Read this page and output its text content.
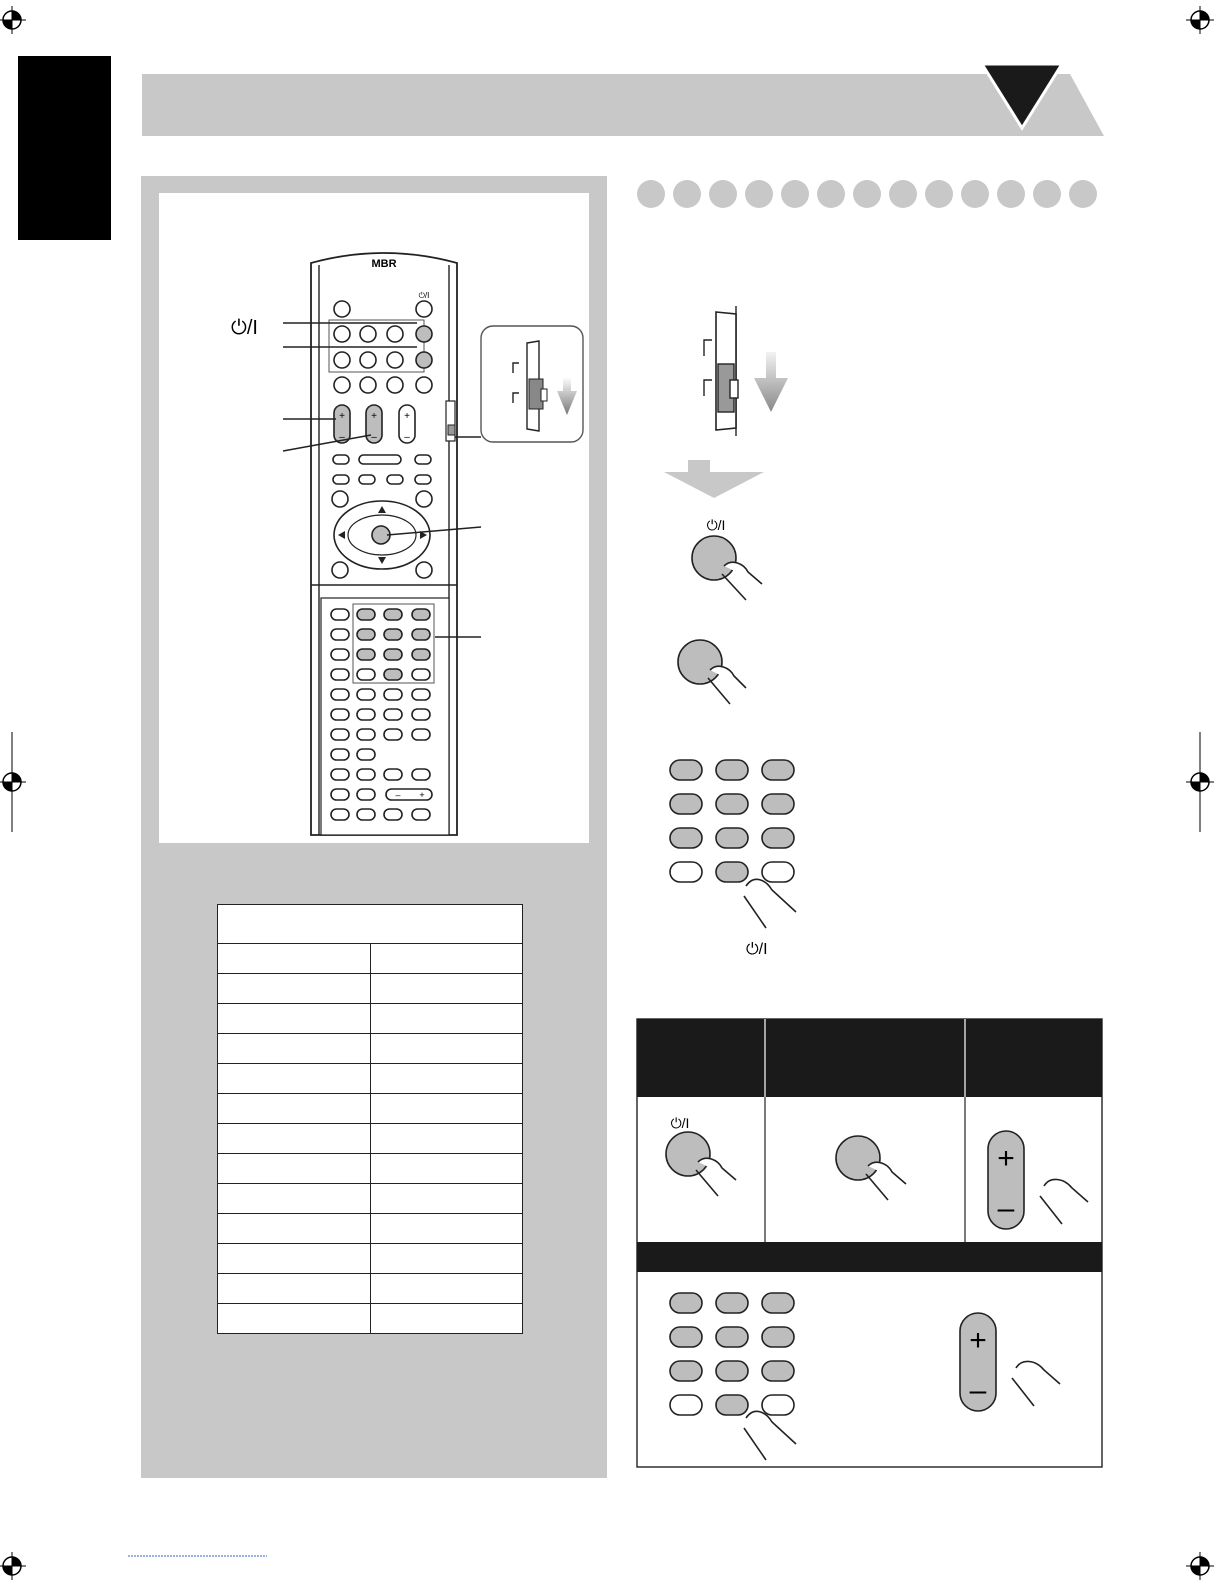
MBR
⏻/I
+	+	+
–	–	–
– +
⏻/I

⏻/I
⏻/I
⏻/I
+
–
+
–
